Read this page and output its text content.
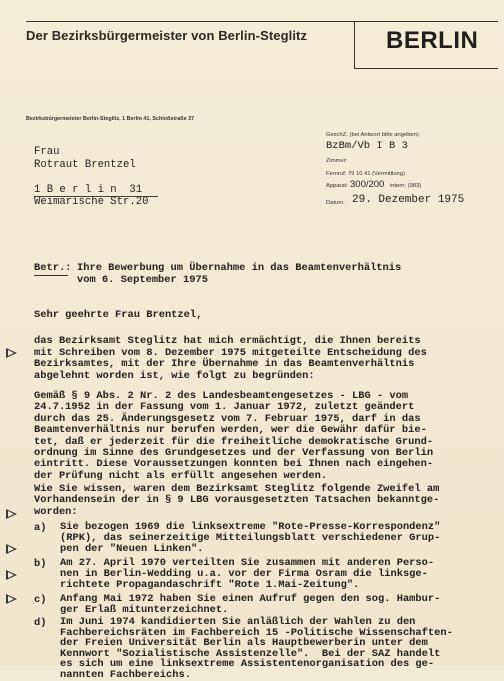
Der Bezirksbürgermeister von Berlin-Steglitz	BERLIN
Bezirksbürgermeister Berlin-Steglitz, 1 Berlin 41, Schloßstraße 37
GeschZ. (bei Antwort bitte angeben)
BzBm/Vb I B 3
Zimmer:
Fernruf: 79 10 41 (Vermittlung)
Apparat: 300/200 intern: (983)
Datum: 29. Dezember 1975
Frau
Rotraut Brentzel
1 B e r l i n  31
Weimarische Str.20
Betr.: Ihre Bewerbung um Übernahme in das Beamtenverhältnis
vom 6. September 1975
Sehr geehrte Frau Brentzel,
das Bezirksamt Steglitz hat mich ermächtigt, die Ihnen bereits
mit Schreiben vom 8. Dezember 1975 mitgeteilte Entscheidung des
Bezirksamtes, mit der Ihre Übernahme in das Beamtenverhältnis
abgelehnt worden ist, wie folgt zu begründen:
Gemäß § 9 Abs. 2 Nr. 2 des Landesbeamtengesetzes - LBG - vom
24.7.1952 in der Fassung vom 1. Januar 1972, zuletzt geändert
durch das 25. Änderungsgesetz vom 7. Februar 1975, darf in das
Beamtenverhältnis nur berufen werden, wer die Gewähr dafür bie-
tet, daß er jederzeit für die freiheitliche demokratische Grund-
ordnung im Sinne des Grundgesetzes und der Verfassung von Berlin
eintritt. Diese Voraussetzungen konnten bei Ihnen nach eingehen-
der Prüfung nicht als erfüllt angesehen werden.
Wie Sie wissen, waren dem Bezirksamt Steglitz folgende Zweifel am
Vorhandensein der in § 9 LBG vorausgesetzten Tatsachen bekanntge-
worden:
a) Sie bezogen 1969 die linksextreme "Rote-Presse-Korrespondenz"
(RPK), das seinerzeitige Mitteilungsblatt verschiedener Grup-
pen der "Neuen Linken".
b) Am 27. April 1970 verteilten Sie zusammen mit anderen Perso-
nen in Berlin-Wedding u.a. vor der Firma Osram die linksge-
richtete Propagandaschrift "Rote 1.Mai-Zeitung".
c) Anfang Mai 1972 haben Sie einen Aufruf gegen den sog. Hambur-
ger Erlaß mitunterzeichnet.
d) Im Juni 1974 kandidierten Sie anläßlich der Wahlen zu den
Fachbereichsräten im Fachbereich 15 -Politische Wissenschaften-
der Freien Universität Berlin als Hauptbewerberin unter dem
Kennwort "Sozialistische Assistenzelle".  Bei der SAZ handelt
es sich um eine linksextreme Assistentenorganisation des ge-
nannten Fachbereichs.
